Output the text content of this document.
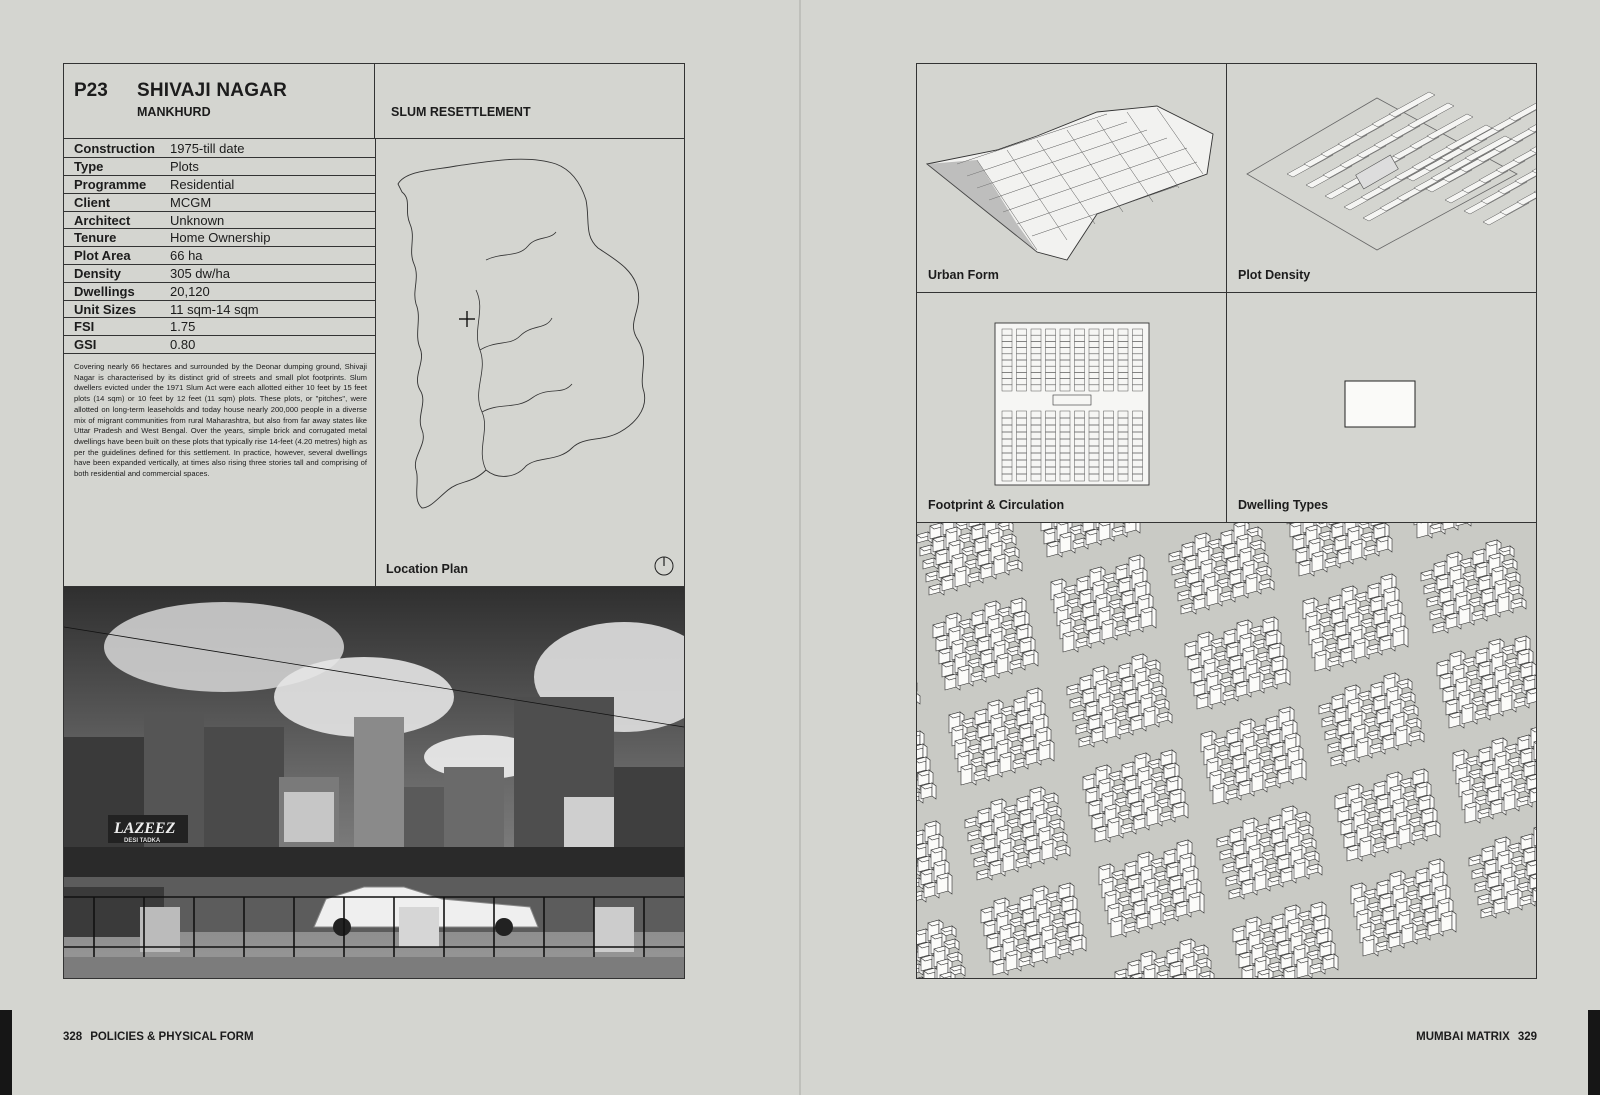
P23 SHIVAJI NAGAR
MANKHURD	SLUM RESETTLEMENT
Construction	1975-till date
Type	Plots
Programme	Residential
Client	MCGM
Architect	Unknown
Tenure	Home Ownership
Plot Area	66 ha
Density	305 dw/ha
Dwellings	20,120
Unit Sizes	11 sqm-14 sqm
FSI	1.75
GSI	0.80
Covering nearly 66 hectares and surrounded by the Deonar dumping ground, Shivaji Nagar is characterised by its distinct grid of streets and small plot footprints. Slum dwellers evicted under the 1971 Slum Act were each allotted either 10 feet by 15 feet plots (14 sqm) or 10 feet by 12 feet (11 sqm) plots. These plots, or "pitches", were allotted on long-term leaseholds and today house nearly 200,000 people in a diverse mix of migrant communities from rural Maharashtra, but also from far away states like Uttar Pradesh and West Bengal. Over the years, simple brick and corrugated metal dwellings have been built on these plots that typically rise 14-feet (4.20 metres) high as per the guidelines defined for this settlement. In practice, however, several dwellings have been expanded vertically, at times also rising three stories tall and comprising of both residential and commercial spaces.
Location Plan
LAZEEZ
DESI TADKA
328 POLICIES & PHYSICAL FORM
Urban Form	Plot Density
Footprint & Circulation	Dwelling Types
MUMBAI MATRIX 329
